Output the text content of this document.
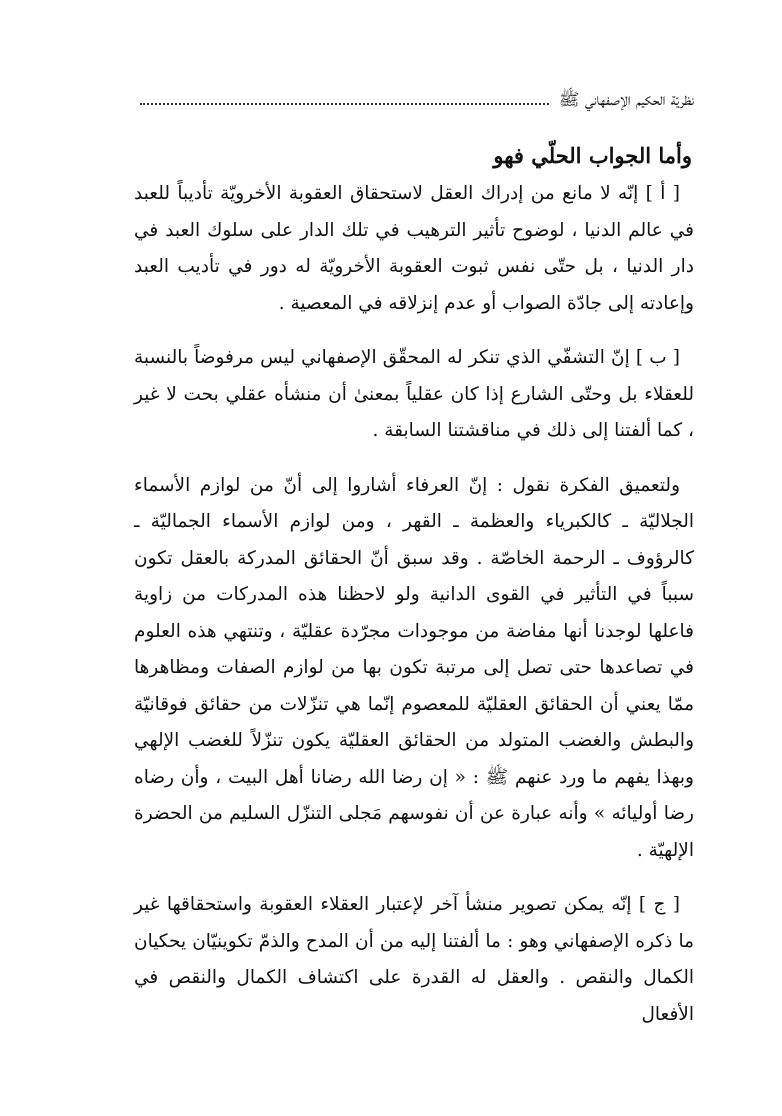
نظريّة الحكيم الإصفهاني ﷺ
وأما الجواب الحلّي فهو

[ أ ] إنّه لا مانع من إدراك العقل لاستحقاق العقوبة الأخرويّة تأديباً للعبد في عالم الدنيا ، لوضوح تأثير الترهيب في تلك الدار على سلوك العبد في دار الدنيا ، بل حتّى نفس ثبوت العقوبة الأخرويّة له دور في تأديب العبد وإعادته إلى جادّة الصواب أو عدم إنزلاقه في المعصية .

[ ب ] إنّ التشفّي الذي تنكر له المحقّق الإصفهاني ليس مرفوضاً بالنسبة للعقلاء بل وحتّى الشارع إذا كان عقلياً بمعنىٰ أن منشأه عقلي بحت لا غير ، كما ألفتنا إلى ذلك في مناقشتنا السابقة .

ولتعميق الفكرة نقول : إنّ العرفاء أشاروا إلى أنّ من لوازم الأسماء الجلاليّة ـ كالكبرياء والعظمة ـ القهر ، ومن لوازم الأسماء الجماليّة ـ كالرؤوف ـ الرحمة الخاصّة . وقد سبق أنّ الحقائق المدركة بالعقل تكون سبباً في التأثير في القوى الدانية ولو لاحظنا هذه المدركات من زاوية فاعلها لوجدنا أنها مفاضة من موجودات مجرّدة عقليّة ، وتنتهي هذه العلوم في تصاعدها حتى تصل إلى مرتبة تكون بها من لوازم الصفات ومظاهرها ممّا يعني أن الحقائق العقليّة للمعصوم إنّما هي تنزّلات من حقائق فوقانيّة والبطش والغضب المتولد من الحقائق العقليّة يكون تنزّلاً للغضب الإلهي وبهذا يفهم ما ورد عنهم ﷺ : « إن رضا الله رضانا أهل البيت ، وأن رضاه رضا أوليائه » وأنه عبارة عن أن نفوسهم مَجلى التنزّل السليم من الحضرة الإلهيّة .

[ ج ] إنّه يمكن تصوير منشأ آخر لإعتبار العقلاء العقوبة واستحقاقها غير ما ذكره الإصفهاني وهو : ما ألفتنا إليه من أن المدح والذمّ تكوينيّان يحكيان الكمال والنقص . والعقل له القدرة على اكتشاف الكمال والنقص في الأفعال
